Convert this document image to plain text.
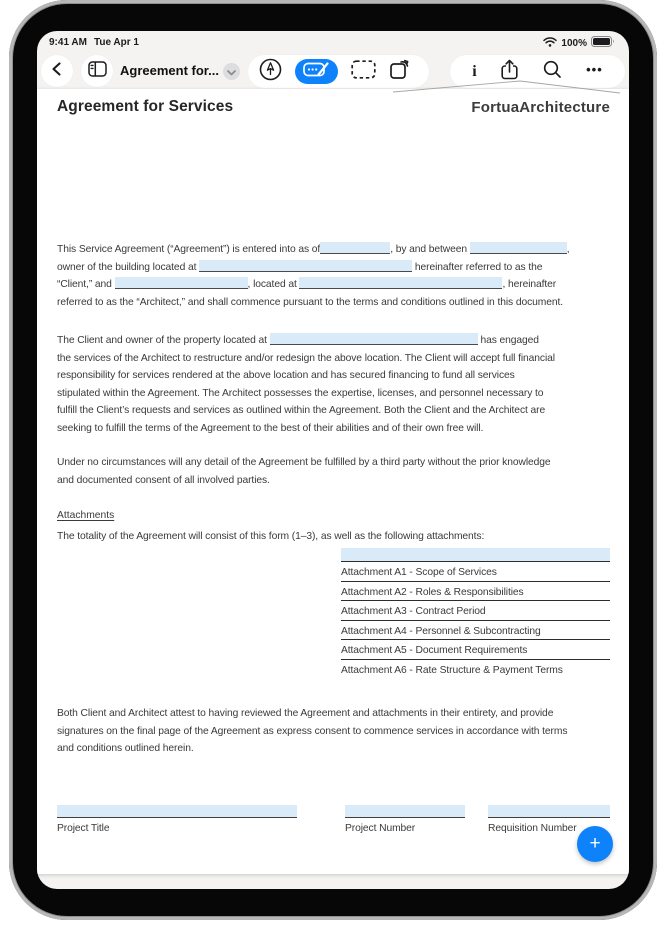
9:41 AM Tue Apr 1	100%
Agreement for...	i	•••
Agreement for Services	FortuaArchitecture
This Service Agreement (“Agreement”) is entered into as of	, by and between	,
owner of the building located at	hereinafter referred to as the
“Client,” and	, located at	, hereinafter
referred to as the “Architect,” and shall commence pursuant to the terms and conditions outlined in this document.
The Client and owner of the property located at	has engaged
the services of the Architect to restructure and/or redesign the above location. The Client will accept full financial
responsibility for services rendered at the above location and has secured financing to fund all services
stipulated within the Agreement. The Architect possesses the expertise, licenses, and personnel necessary to
fulfill the Client’s requests and services as outlined within the Agreement. Both the Client and the Architect are
seeking to fulfill the terms of the Agreement to the best of their abilities and of their own free will.
Under no circumstances will any detail of the Agreement be fulfilled by a third party without the prior knowledge
and documented consent of all involved parties.
Attachments
The totality of the Agreement will consist of this form (1–3), as well as the following attachments:
Attachment A1 - Scope of Services
Attachment A2 - Roles & Responsibilities
Attachment A3 - Contract Period
Attachment A4 - Personnel & Subcontracting
Attachment A5 - Document Requirements
Attachment A6 - Rate Structure & Payment Terms
Both Client and Architect attest to having reviewed the Agreement and attachments in their entirety, and provide
signatures on the final page of the Agreement as express consent to commence services in accordance with terms
and conditions outlined herein.
Project Title	Project Number	Requisition Number
+
